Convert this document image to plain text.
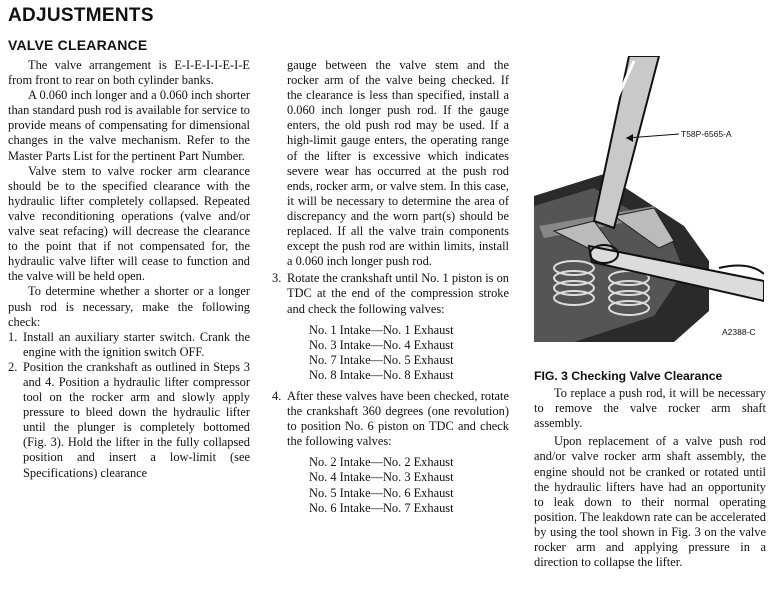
ADJUSTMENTS
VALVE CLEARANCE

The valve arrangement is E-I-E-I-I-E-I-E from front to rear on both cylinder banks.

A 0.060 inch longer and a 0.060 inch shorter than standard push rod is available for service to provide means of compensating for dimensional changes in the valve mechanism. Refer to the Master Parts List for the pertinent Part Number.

Valve stem to valve rocker arm clearance should be to the specified clearance with the hydraulic lifter completely collapsed. Repeated valve reconditioning operations (valve and/or valve seat refacing) will decrease the clearance to the point that if not compensated for, the hydraulic valve lifter will cease to function and the valve will be held open.

To determine whether a shorter or a longer push rod is necessary, make the following check:

1. Install an auxiliary starter switch. Crank the engine with the ignition switch OFF.
2. Position the crankshaft as outlined in Steps 3 and 4. Position a hydraulic lifter compressor tool on the rocker arm and slowly apply pressure to bleed down the hydraulic lifter until the plunger is completely bottomed (Fig. 3). Hold the lifter in the fully collapsed position and insert a low-limit (see Specifications) clearance

gauge between the valve stem and the rocker arm of the valve being checked. If the clearance is less than specified, install a 0.060 inch longer push rod. If the gauge enters, the old push rod may be used. If a high-limit gauge enters, the operating range of the lifter is excessive which indicates severe wear has occurred at the push rod ends, rocker arm, or valve stem. In this case, it will be necessary to determine the area of discrepancy and the worn part(s) should be replaced. If all the valve train components except the push rod are within limits, install a 0.060 inch longer push rod.

3. Rotate the crankshaft until No. 1 piston is on TDC at the end of the compression stroke and check the following valves:
No. 1 Intake—No. 1 Exhaust
No. 3 Intake—No. 4 Exhaust
No. 7 Intake—No. 5 Exhaust
No. 8 Intake—No. 8 Exhaust
4. After these valves have been checked, rotate the crankshaft 360 degrees (one revolution) to position No. 6 piston on TDC and check the following valves:
No. 2 Intake—No. 2 Exhaust
No. 4 Intake—No. 3 Exhaust
No. 5 Intake—No. 6 Exhaust
No. 6 Intake—No. 7 Exhaust
T58P-6565-A
A2388-C

FIG. 3 Checking Valve Clearance

To replace a push rod, it will be necessary to remove the valve rocker arm shaft assembly.

Upon replacement of a valve push rod and/or valve rocker arm shaft assembly, the engine should not be cranked or rotated until the hydraulic lifters have had an opportunity to leak down to their normal operating position. The leakdown rate can be accelerated by using the tool shown in Fig. 3 on the valve rocker arm and applying pressure in a direction to collapse the lifter.
